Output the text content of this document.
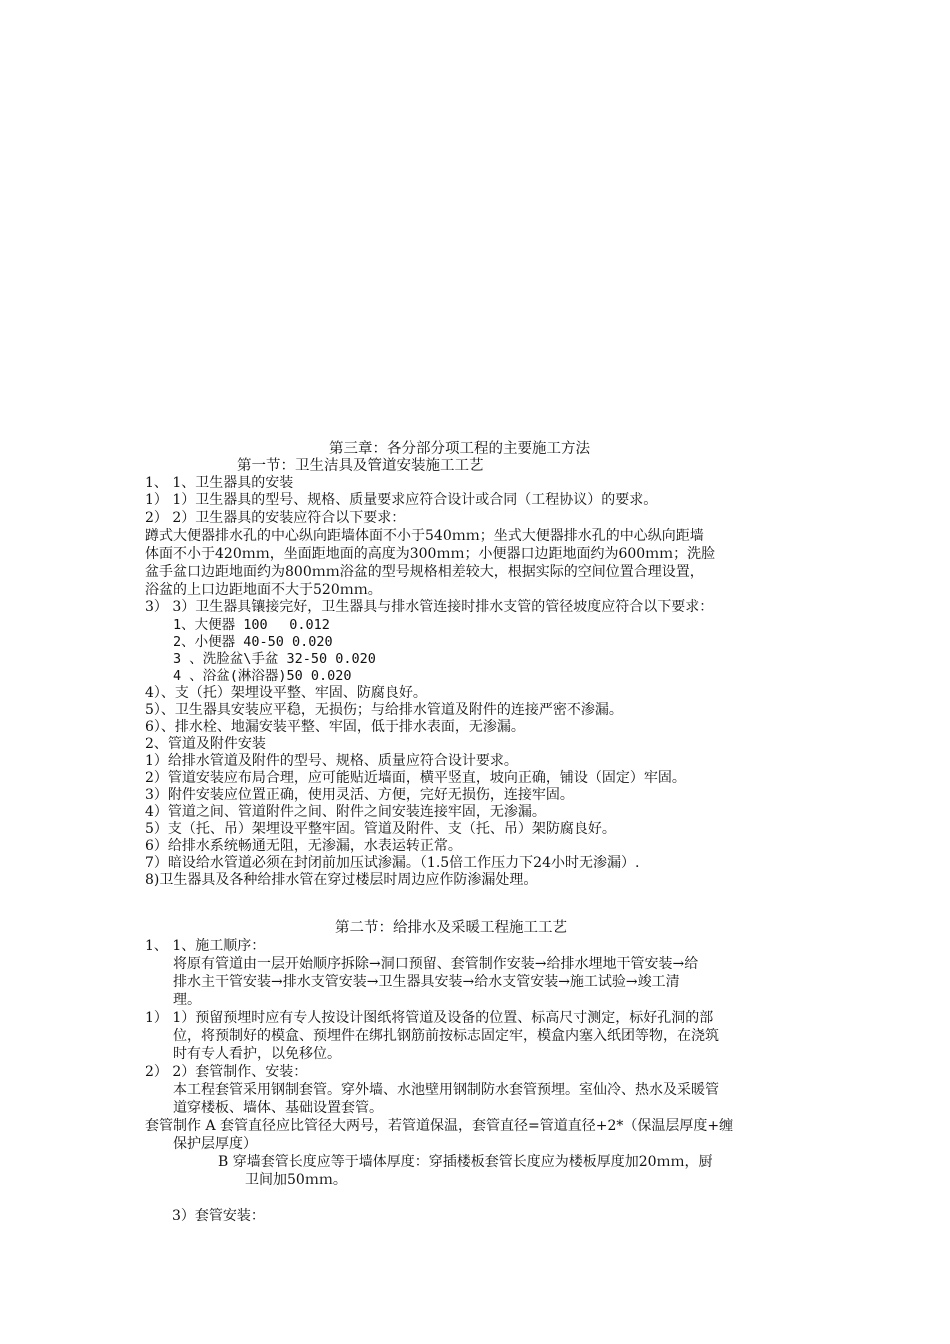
第三章：各分部分项工程的主要施工方法
第一节：卫生洁具及管道安装施工工艺
1、 1、卫生器具的安装
1） 1）卫生器具的型号、规格、质量要求应符合设计或合同（工程协议）的要求。
2） 2）卫生器具的安装应符合以下要求：
蹲式大便器排水孔的中心纵向距墙体面不小于540ｍｍ；坐式大便器排水孔的中心纵向距墙
体面不小于420ｍｍ，坐面距地面的高度为300ｍｍ；小便器口边距地面约为600ｍｍ；洗脸
盆手盆口边距地面约为800ｍｍ浴盆的型号规格相差较大，根据实际的空间位置合理设置，
浴盆的上口边距地面不大于520ｍｍ。
3） 3）卫生器具镶接完好，卫生器具与排水管连接时排水支管的管径坡度应符合以下要求：
1、大便器 100　 0.012
2、小便器 40-50 0.020
3 、洗脸盆\手盆 32-50 0.020
4 、浴盆(淋浴器)50 0.020
4）、支（托）架埋设平整、牢固、防腐良好。
5）、卫生器具安装应平稳，无损伤；与给排水管道及附件的连接严密不渗漏。
6）、排水栓、地漏安装平整、牢固，低于排水表面，无渗漏。
2、管道及附件安装
1）给排水管道及附件的型号、规格、质量应符合设计要求。
2）管道安装应布局合理，应可能贴近墙面，横平竖直，坡向正确，铺设（固定）牢固。
3）附件安装应位置正确，使用灵活、方便，完好无损伤，连接牢固。
4）管道之间、管道附件之间、附件之间安装连接牢固，无渗漏。
5）支（托、吊）架埋设平整牢固。管道及附件、支（托、吊）架防腐良好。
6）给排水系统畅通无阻，无渗漏，水表运转正常。
7）暗设给水管道必须在封闭前加压试渗漏。（1.5倍工作压力下24小时无渗漏）.
8)卫生器具及各种给排水管在穿过楼层时周边应作防渗漏处理。
第二节：给排水及采暖工程施工工艺
1、 1、施工顺序：
将原有管道由一层开始顺序拆除→洞口预留、套管制作安装→给排水埋地干管安装→给
排水主干管安装→排水支管安装→卫生器具安装→给水支管安装→施工试验→竣工清
理。
1） 1）预留预埋时应有专人按设计图纸将管道及设备的位置、标高尺寸测定，标好孔洞的部
位，将预制好的模盒、预埋件在绑扎钢筋前按标志固定牢，模盒内塞入纸团等物，在浇筑
时有专人看护，以免移位。
2） 2）套管制作、安装：
本工程套管采用钢制套管。穿外墙、水池壁用钢制防水套管预埋。室仙冷、热水及采暖管
道穿楼板、墙体、基础设置套管。
套管制作 A 套管直径应比管径大两号，若管道保温，套管直径=管道直径+2*（保温层厚度+缠
保护层厚度）
B 穿墙套管长度应等于墙体厚度：穿插楼板套管长度应为楼板厚度加20ｍｍ，厨
卫间加50ｍｍ。
3）套管安装：
